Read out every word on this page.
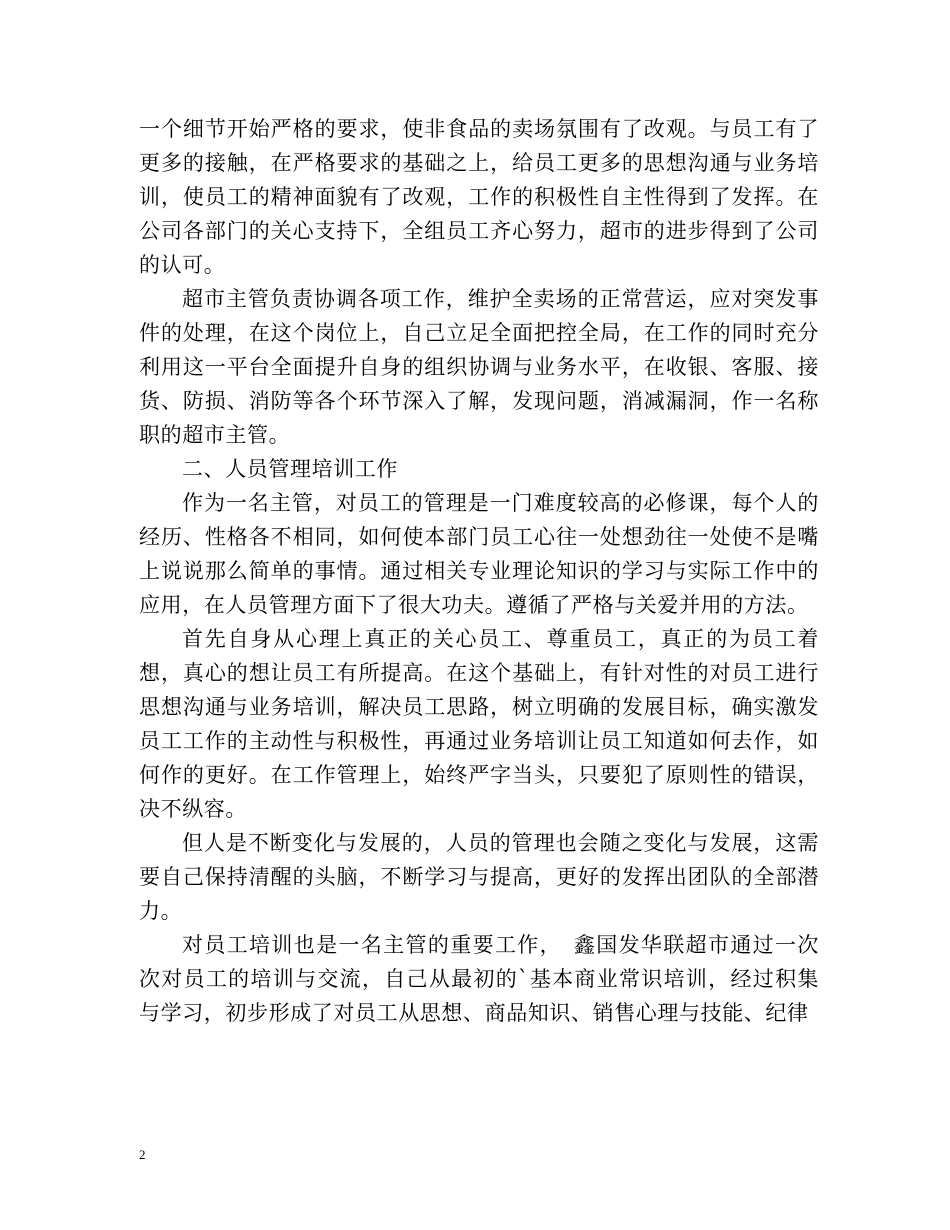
一个细节开始严格的要求，使非食品的卖场氛围有了改观。与员工有了更多的接触，在严格要求的基础之上，给员工更多的思想沟通与业务培训，使员工的精神面貌有了改观，工作的积极性自主性得到了发挥。在公司各部门的关心支持下，全组员工齐心努力，超市的进步得到了公司的认可。

超市主管负责协调各项工作，维护全卖场的正常营运，应对突发事件的处理，在这个岗位上，自己立足全面把控全局，在工作的同时充分利用这一平台全面提升自身的组织协调与业务水平，在收银、客服、接货、防损、消防等各个环节深入了解，发现问题，消减漏洞，作一名称职的超市主管。

二、人员管理培训工作

作为一名主管，对员工的管理是一门难度较高的必修课，每个人的经历、性格各不相同，如何使本部门员工心往一处想劲往一处使不是嘴上说说那么简单的事情。通过相关专业理论知识的学习与实际工作中的应用，在人员管理方面下了很大功夫。遵循了严格与关爱并用的方法。

首先自身从心理上真正的关心员工、尊重员工，真正的为员工着想，真心的想让员工有所提高。在这个基础上，有针对性的对员工进行思想沟通与业务培训，解决员工思路，树立明确的发展目标，确实激发员工工作的主动性与积极性，再通过业务培训让员工知道如何去作，如何作的更好。在工作管理上，始终严字当头，只要犯了原则性的错误，决不纵容。

但人是不断变化与发展的，人员的管理也会随之变化与发展，这需要自己保持清醒的头脑，不断学习与提高，更好的发挥出团队的全部潜力。

对员工培训也是一名主管的重要工作，　鑫国发华联超市通过一次次对员工的培训与交流，自己从最初的`基本商业常识培训，经过积集与学习，初步形成了对员工从思想、商品知识、销售心理与技能、纪律

2
